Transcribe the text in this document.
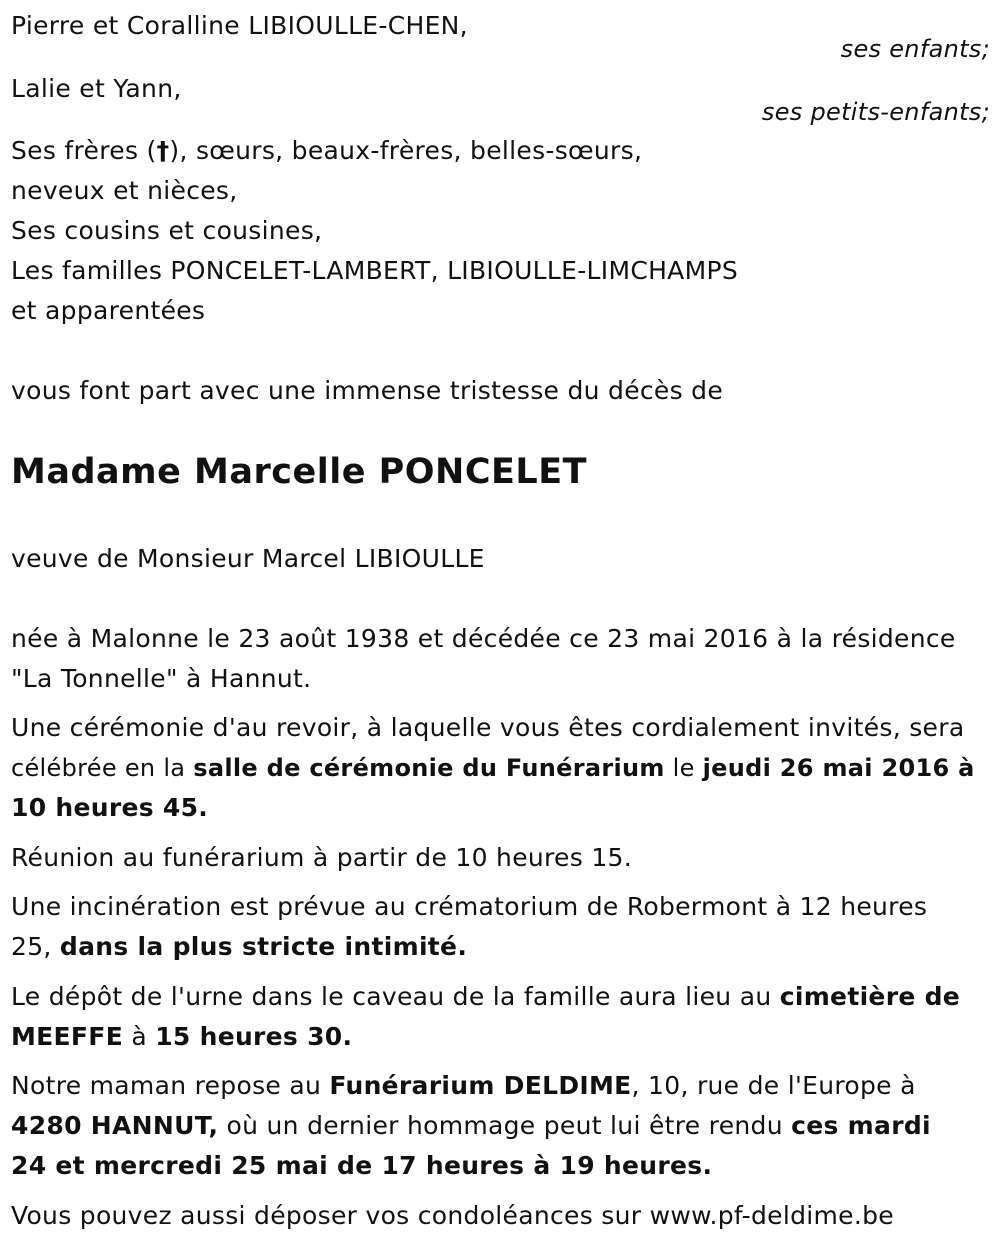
Pierre et Coralline LIBIOULLE-CHEN,
ses enfants;
Lalie et Yann,
ses petits-enfants;
Ses frères (†), sœurs, beaux-frères, belles-sœurs,
neveux et nièces,
Ses cousins et cousines,
Les familles PONCELET-LAMBERT, LIBIOULLE-LIMCHAMPS
et apparentées
vous font part avec une immense tristesse du décès de
Madame Marcelle PONCELET
veuve de Monsieur Marcel LIBIOULLE
née à Malonne le 23 août 1938 et décédée ce 23 mai 2016 à la résidence
"La Tonnelle" à Hannut.
Une cérémonie d'au revoir, à laquelle vous êtes cordialement invités, sera
célébrée en la salle de cérémonie du Funérarium le jeudi 26 mai 2016 à
10 heures 45.
Réunion au funérarium à partir de 10 heures 15.
Une incinération est prévue au crématorium de Robermont à 12 heures
25, dans la plus stricte intimité.
Le dépôt de l'urne dans le caveau de la famille aura lieu au cimetière de
MEEFFE à 15 heures 30.
Notre maman repose au Funérarium DELDIME, 10, rue de l'Europe à
4280 HANNUT, où un dernier hommage peut lui être rendu ces mardi
24 et mercredi 25 mai de 17 heures à 19 heures.
Vous pouvez aussi déposer vos condoléances sur www.pf-deldime.be
